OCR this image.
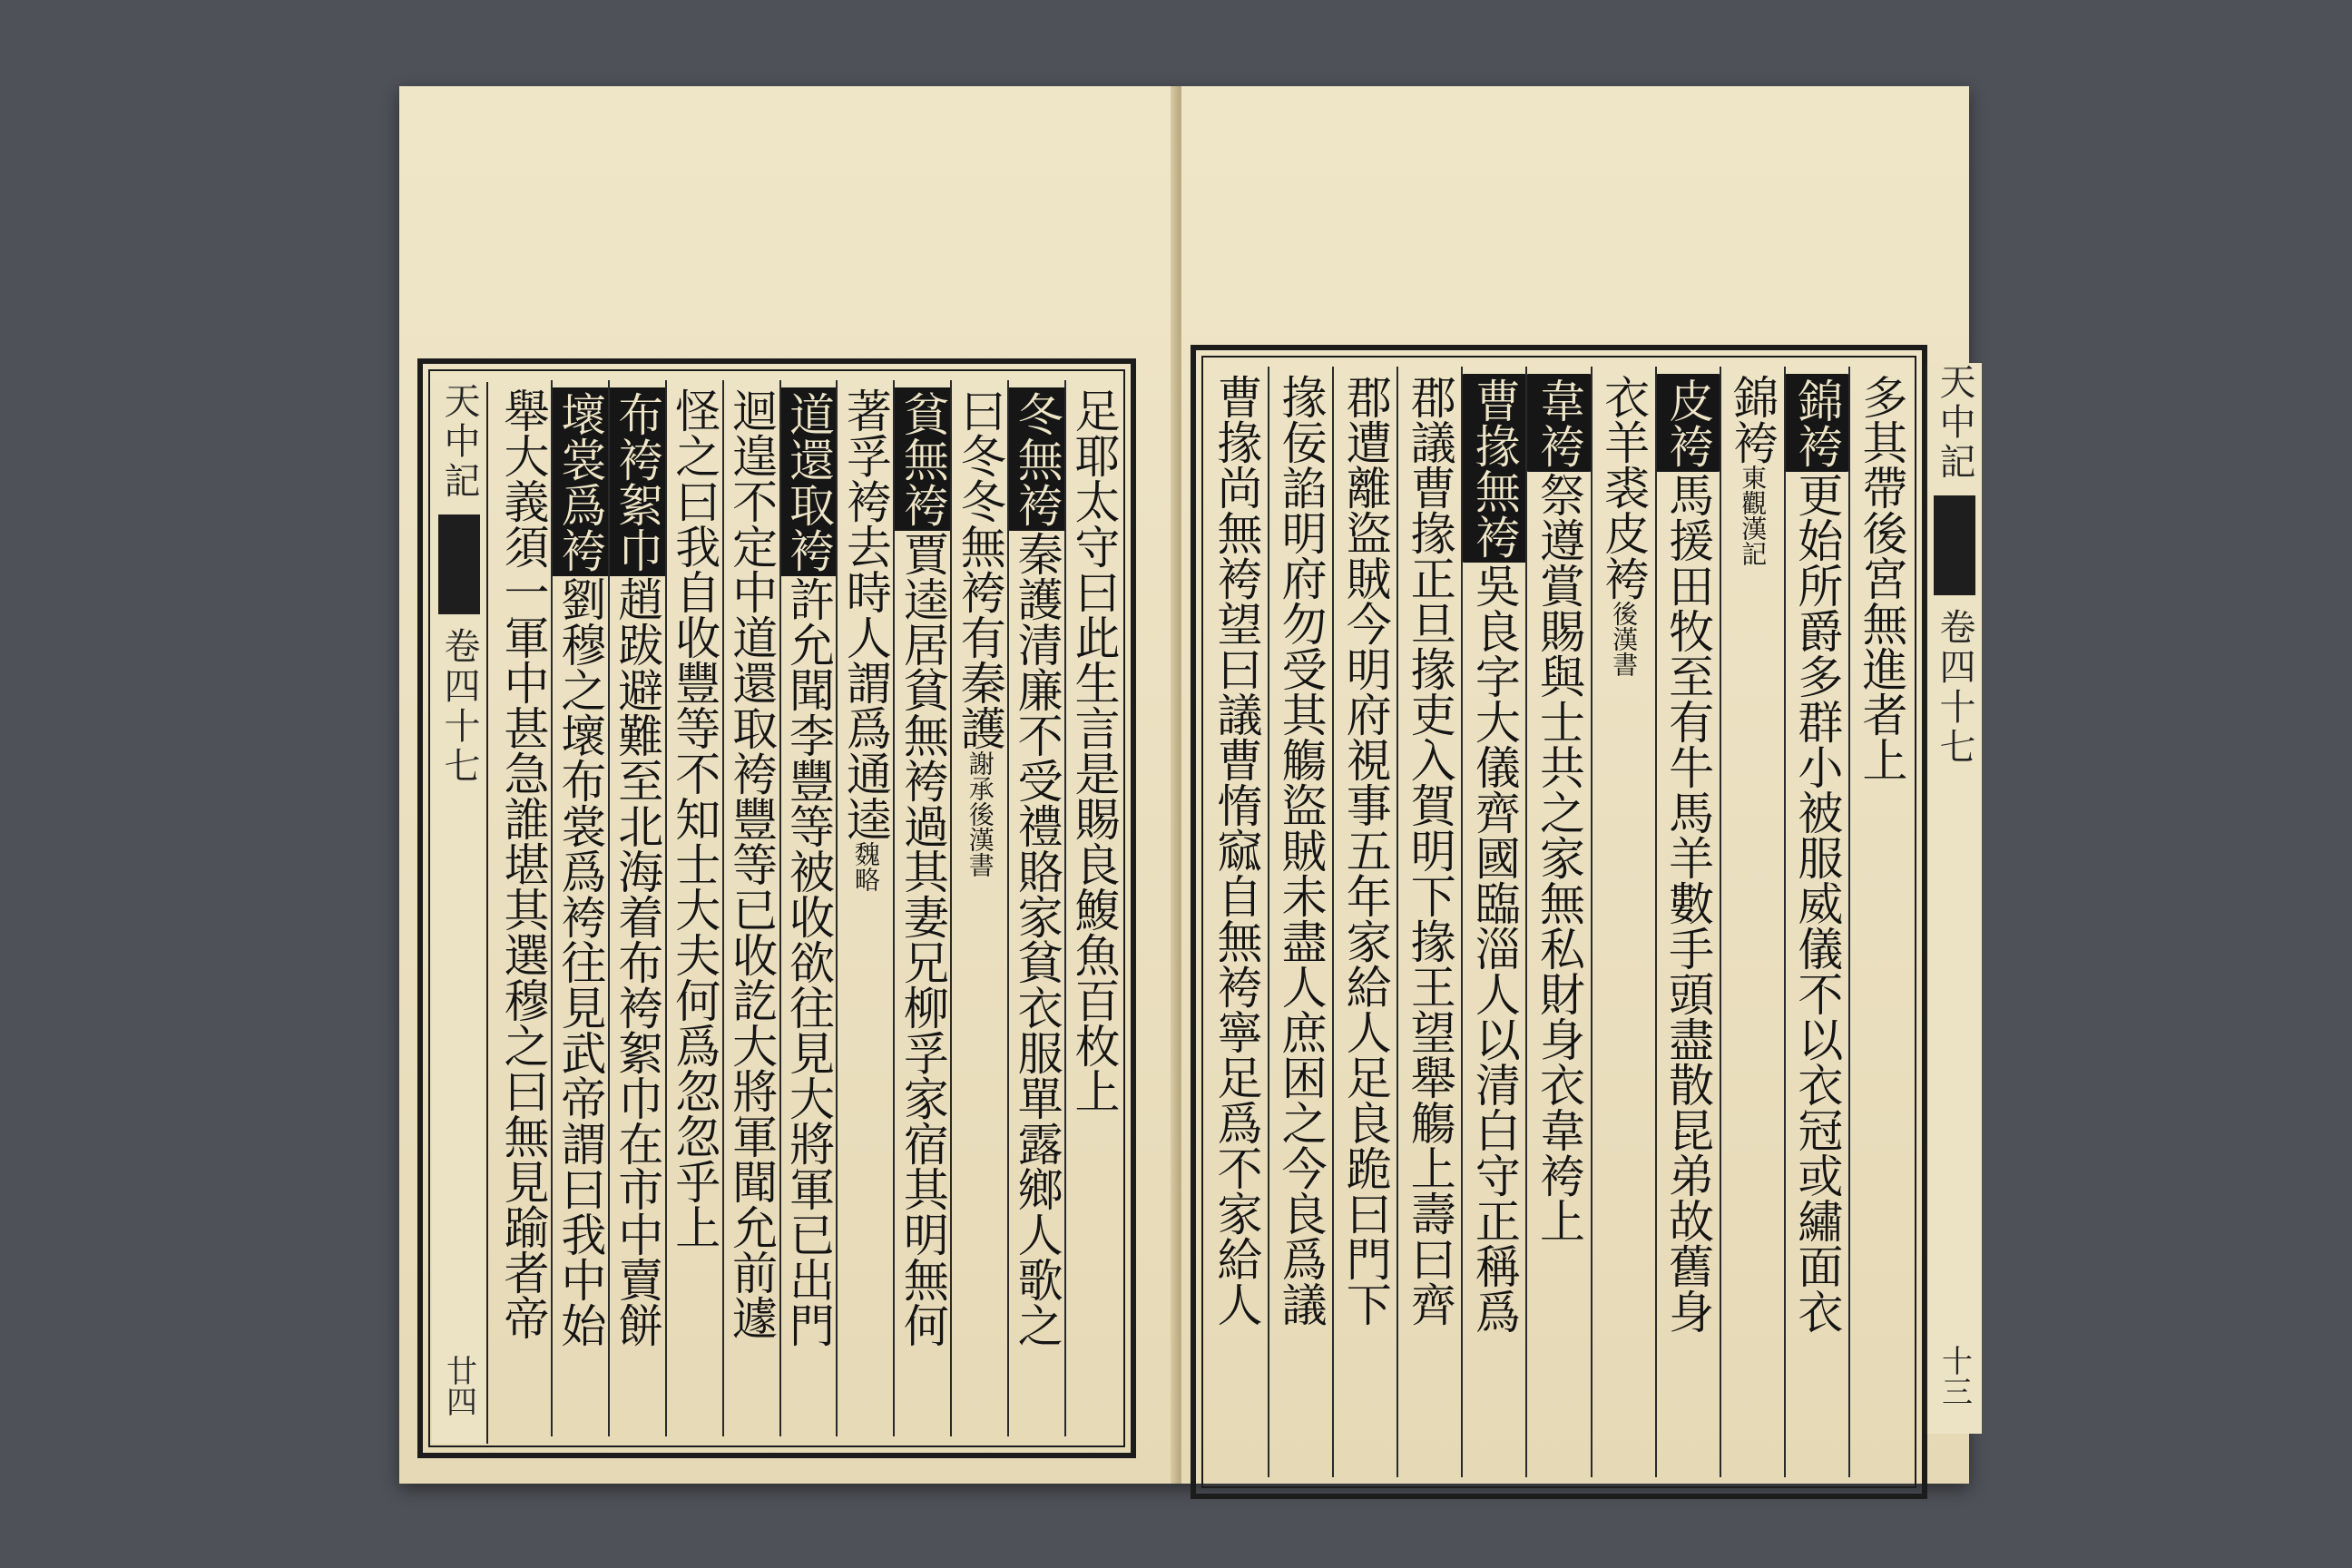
天中記
卷四十七
廿四
足耶太守曰此生言是賜良鰒魚百枚上
冬無袴
秦護清廉不受禮賂家貧衣服單露鄉人歌之
曰冬冬無袴有秦護
謝承後漢書
貧無袴
賈逵居貧無袴過其妻兄柳孚家宿其明無何
著孚袴去時人謂爲通逵
魏略
道還取袴
許允聞李豐等被收欲往見大將軍已出門
迴遑不定中道還取袴豐等已收訖大將軍聞允前遽
怪之曰我自收豐等不知士大夫何爲忽忽乎上
布袴絮巾
趙跋避難至北海着布袴絮巾在市中賣餅
壞裳爲袴
劉穆之壞布裳爲袴往見武帝謂曰我中始
舉大義須一軍中甚急誰堪其選穆之曰無見踰者帝	多其帶後宮無進者上
錦袴
更始所爵多群小被服威儀不以衣冠或繡面衣
錦袴
東觀漢記
皮袴
馬援田牧至有牛馬羊數手頭盡散昆弟故舊身
衣羊裘皮袴
後漢書
韋袴
祭遵賞賜與士共之家無私財身衣韋袴上
曹掾無袴
吳良字大儀齊國臨淄人以清白守正稱爲
郡議曹掾正旦掾吏入賀明下掾王望舉觴上壽曰齊
郡遭離盜賊今明府視事五年家給人足良跪曰門下
掾佞諂明府勿受其觴盜賊未盡人庶困之今良爲議
曹掾尚無袴望曰議曹惰窳自無袴寧足爲不家給人	天中記
卷四十七
十三
